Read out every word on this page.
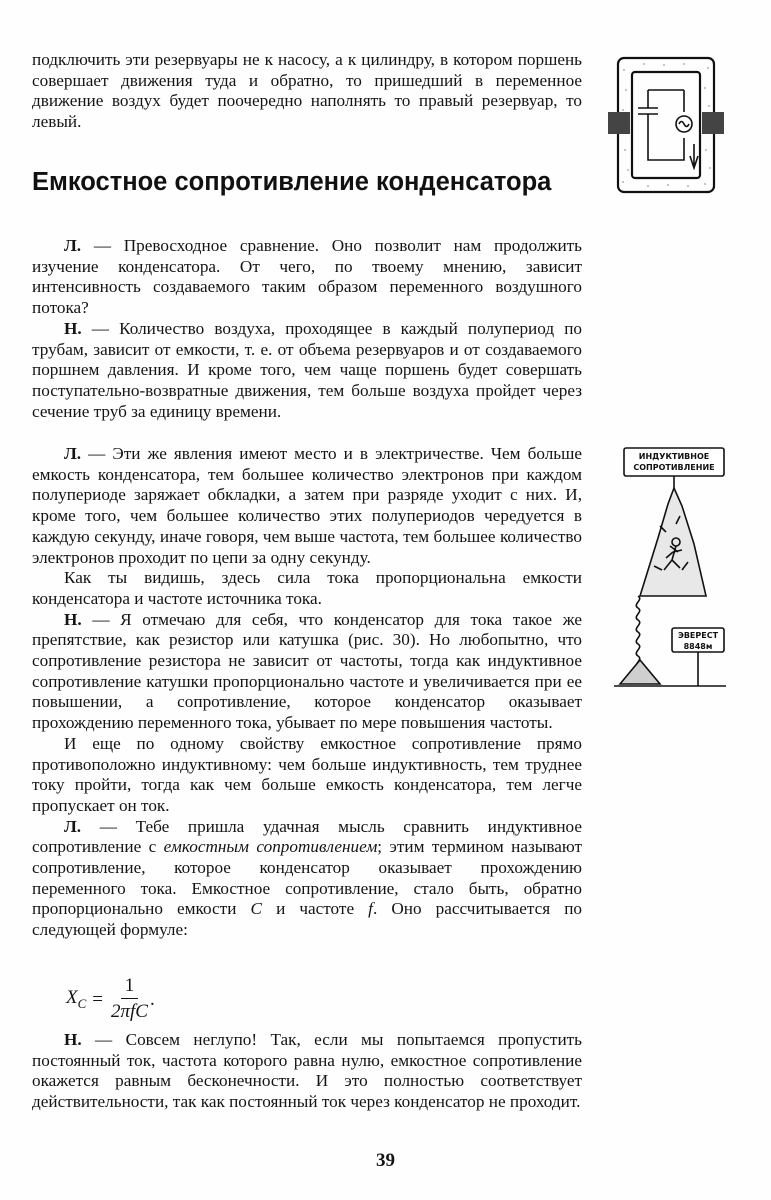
подключить эти резервуары не к насосу, а к цилиндру, в котором поршень совершает движения туда и обратно, то пришедший в переменное движение воздух будет поочередно наполнять то правый резервуар, то левый.

Емкостное сопротивление конденсатора

Л. — Превосходное сравнение. Оно позволит нам продолжить изучение конденсатора. От чего, по твоему мнению, зависит интенсивность создаваемого таким образом переменного воздушного потока?

Н. — Количество воздуха, проходящее в каждый полупериод по трубам, зависит от емкости, т. е. от объема резервуаров и от создаваемого поршнем давления. И кроме того, чем чаще поршень будет совершать поступательно-возвратные движения, тем больше воздуха пройдет через сечение труб за единицу времени.

Л. — Эти же явления имеют место и в электричестве. Чем больше емкость конденсатора, тем большее количество электронов при каждом полупериоде заряжает обкладки, а затем при разряде уходит с них. И, кроме того, чем большее количество этих полупериодов чередуется в каждую секунду, иначе говоря, чем выше частота, тем большее количество электронов проходит по цепи за одну секунду.

Как ты видишь, здесь сила тока пропорциональна емкости конденсатора и частоте источника тока.

Н. — Я отмечаю для себя, что конденсатор для тока такое же препятствие, как резистор или катушка (рис. 30). Но любопытно, что сопротивление резистора не зависит от частоты, тогда как индуктивное сопротивление катушки пропорционально частоте и увеличивается при ее повышении, а сопротивление, которое конденсатор оказывает прохождению переменного тока, убывает по мере повышения частоты.

И еще по одному свойству емкостное сопротивление прямо противоположно индуктивному: чем больше индуктивность, тем труднее току пройти, тогда как чем больше емкость конденсатора, тем легче пропускает он ток.

Л. — Тебе пришла удачная мысль сравнить индуктивное сопротивление с емкостным сопротивлением; этим термином называют сопротивление, которое конденсатор оказывает прохождению переменного тока. Емкостное сопротивление, стало быть, обратно пропорционально емкости C и частоте f. Оно рассчитывается по следующей формуле:

ИНДУКТИВНОЕ
СОПРОТИВЛЕНИЕ
ЭВЕРЕСТ
8848м
$X_C = \frac{1}{\text{2πfC}}$ .

Н. — Совсем неглупо! Так, если мы попытаемся пропустить постоянный ток, частота которого равна нулю, емкостное сопротивление окажется равным бесконечности. И это полностью соответствует действительности, так как постоянный ток через конденсатор не проходит.

39
